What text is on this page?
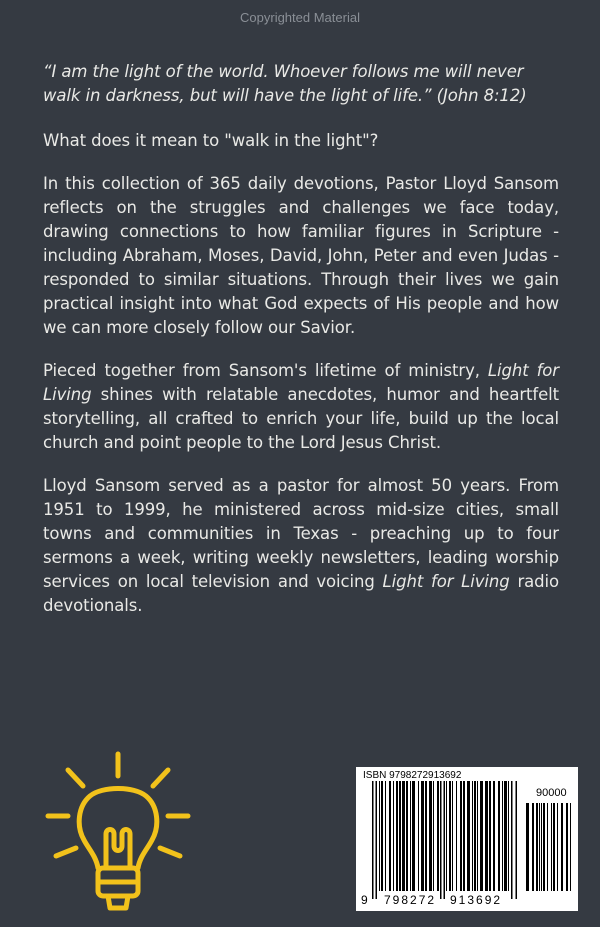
Copyrighted Material

“I am the light of the world. Whoever follows me will never walk in darkness, but will have the light of life.” (John 8:12)

What does it mean to "walk in the light"?

In this collection of 365 daily devotions, Pastor Lloyd Sansom reflects on the struggles and challenges we face today, drawing connections to how familiar figures in Scripture - including Abraham, Moses, David, John, Peter and even Judas - responded to similar situations. Through their lives we gain practical insight into what God expects of His people and how we can more closely follow our Savior.

Pieced together from Sansom's lifetime of ministry, Light for Living shines with relatable anecdotes, humor and heartfelt storytelling, all crafted to enrich your life, build up the local church and point people to the Lord Jesus Christ.

Lloyd Sansom served as a pastor for almost 50 years. From 1951 to 1999, he ministered across mid-size cities, small towns and communities in Texas - preaching up to four sermons a week, writing weekly newsletters, leading worship services on local television and voicing Light for Living radio devotionals.

ISBN 9798272913692
90000
9 798272 913692
